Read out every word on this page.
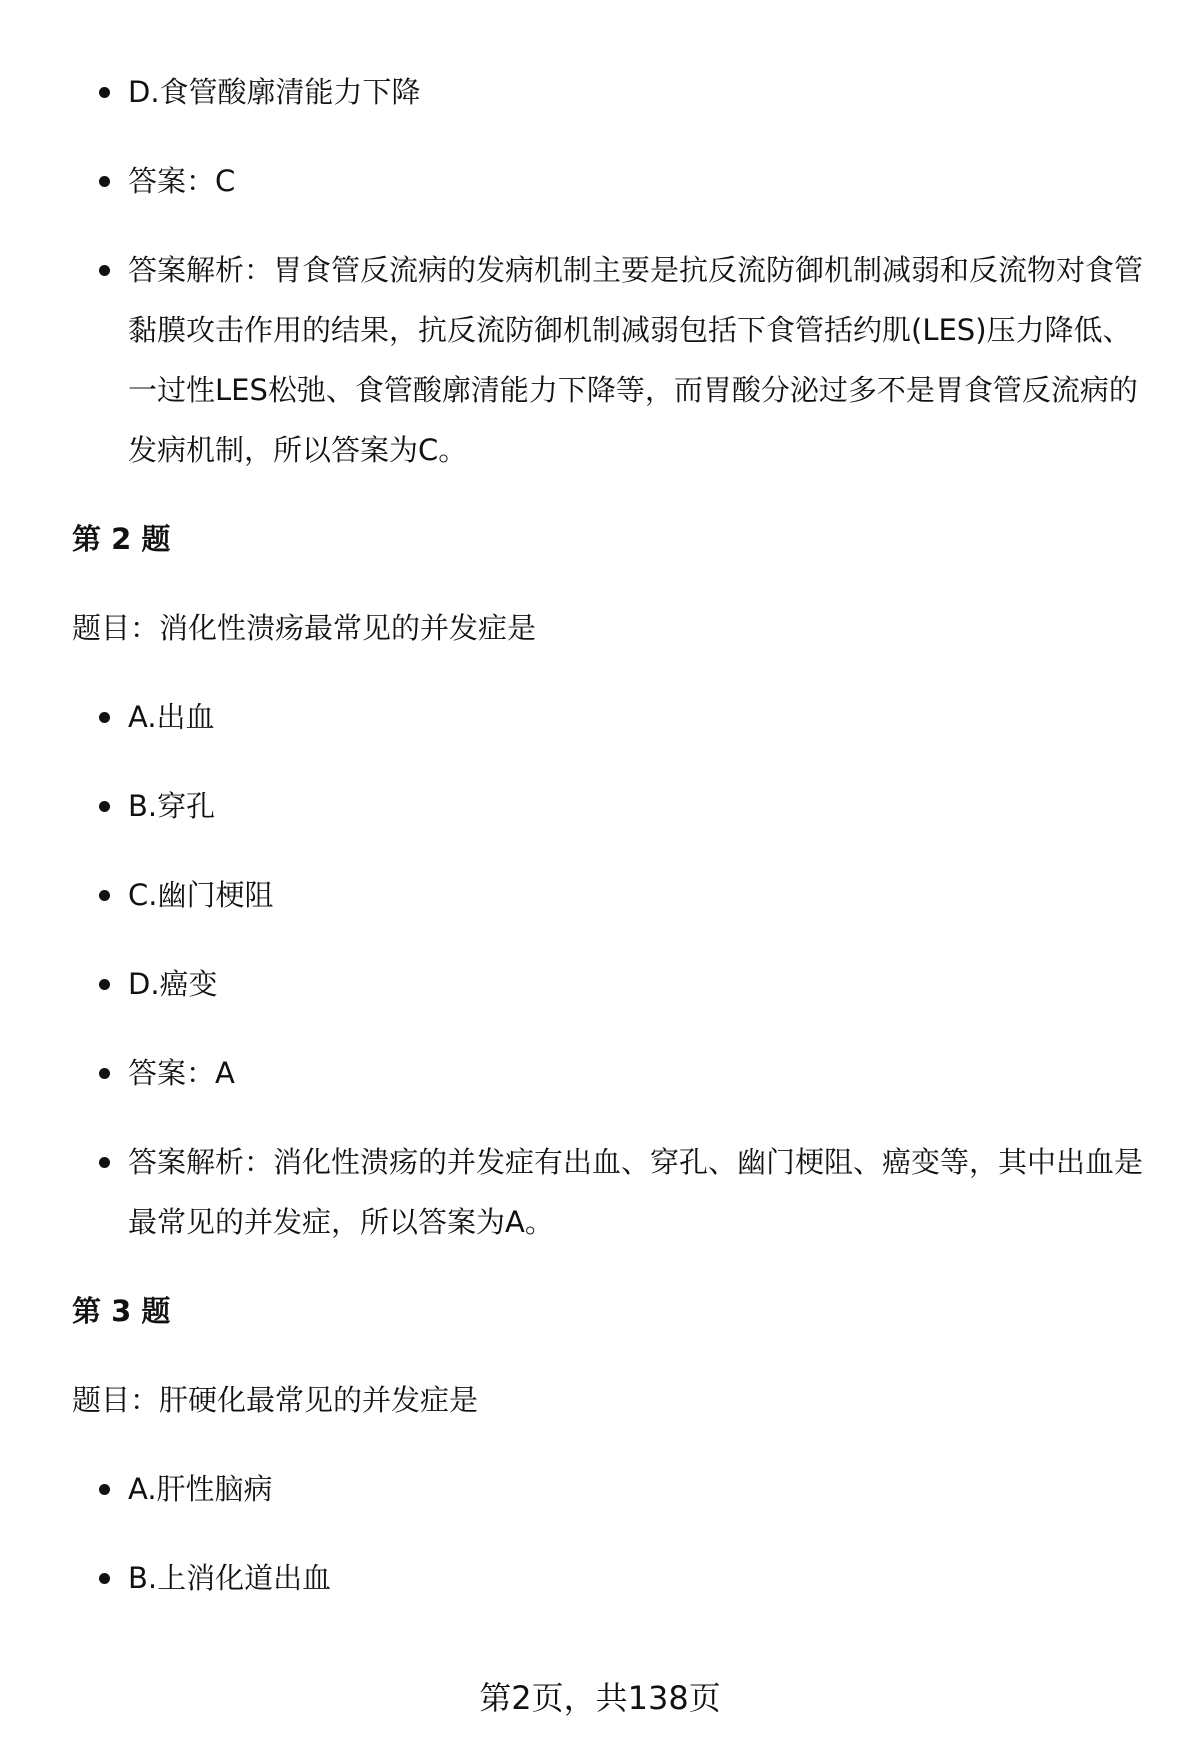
D.食管酸廓清能力下降
答案：C
答案解析：胃食管反流病的发病机制主要是抗反流防御机制减弱和反流物对食管黏膜攻击作用的结果，抗反流防御机制减弱包括下食管括约肌(LES)压力降低、一过性LES松弛、食管酸廓清能力下降等，而胃酸分泌过多不是胃食管反流病的发病机制，所以答案为C。
第 2 题
题目：消化性溃疡最常见的并发症是
A.出血
B.穿孔
C.幽门梗阻
D.癌变
答案：A
答案解析：消化性溃疡的并发症有出血、穿孔、幽门梗阻、癌变等，其中出血是最常见的并发症，所以答案为A。
第 3 题
题目：肝硬化最常见的并发症是
A.肝性脑病
B.上消化道出血
第2页，共138页
